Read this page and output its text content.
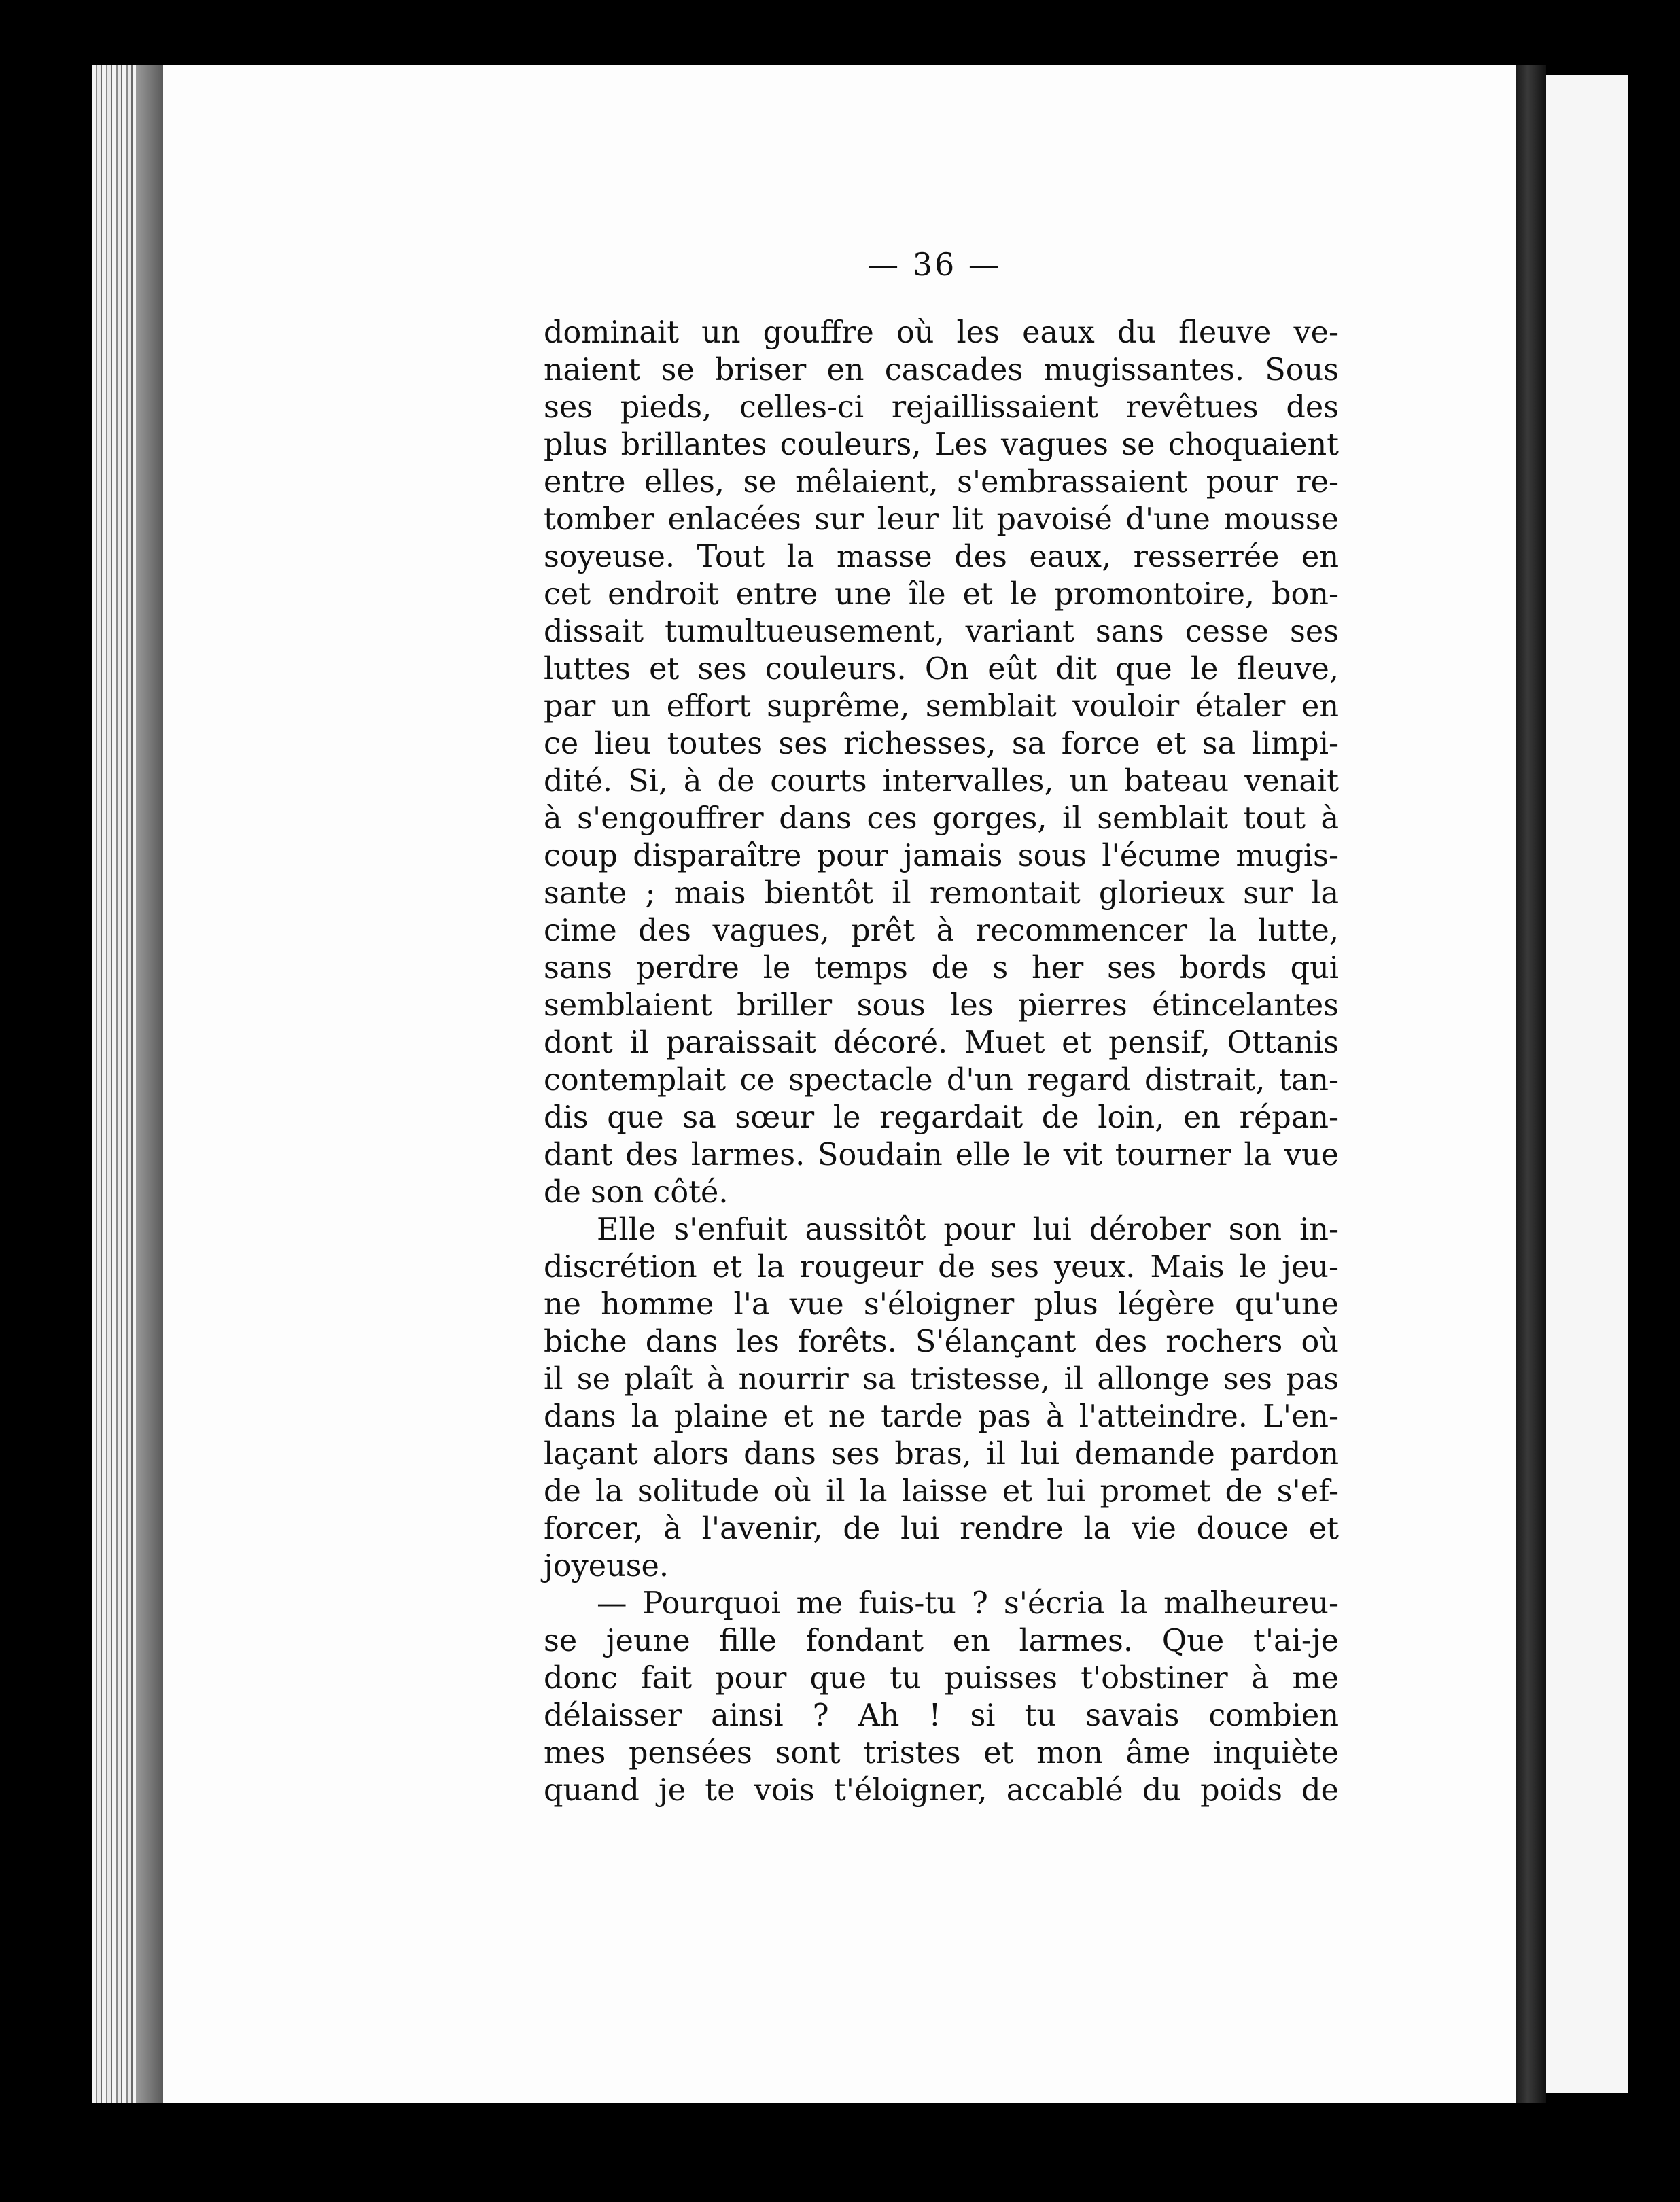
— 36 —
dominait un gouffre où les eaux du fleuve ve-
naient se briser en cascades mugissantes. Sous
ses pieds, celles-ci rejaillissaient revêtues des
plus brillantes couleurs, Les vagues se choquaient
entre elles, se mêlaient, s'embrassaient pour re-
tomber enlacées sur leur lit pavoisé d'une mousse
soyeuse. Tout la masse des eaux, resserrée en
cet endroit entre une île et le promontoire, bon-
dissait tumultueusement, variant sans cesse ses
luttes et ses couleurs. On eût dit que le fleuve,
par un effort suprême, semblait vouloir étaler en
ce lieu toutes ses richesses, sa force et sa limpi-
dité. Si, à de courts intervalles, un bateau venait
à s'engouffrer dans ces gorges, il semblait tout à
coup disparaître pour jamais sous l'écume mugis-
sante ; mais bientôt il remontait glorieux sur la
cime des vagues, prêt à recommencer la lutte,
sans perdre le temps de s her ses bords qui
semblaient briller sous les pierres étincelantes
dont il paraissait décoré. Muet et pensif, Ottanis
contemplait ce spectacle d'un regard distrait, tan-
dis que sa sœur le regardait de loin, en répan-
dant des larmes. Soudain elle le vit tourner la vue
de son côté.
Elle s'enfuit aussitôt pour lui dérober son in-
discrétion et la rougeur de ses yeux. Mais le jeu-
ne homme l'a vue s'éloigner plus légère qu'une
biche dans les forêts. S'élançant des rochers où
il se plaît à nourrir sa tristesse, il allonge ses pas
dans la plaine et ne tarde pas à l'atteindre. L'en-
laçant alors dans ses bras, il lui demande pardon
de la solitude où il la laisse et lui promet de s'ef-
forcer, à l'avenir, de lui rendre la vie douce et
joyeuse.
— Pourquoi me fuis-tu ? s'écria la malheureu-
se jeune fille fondant en larmes. Que t'ai-je
donc fait pour que tu puisses t'obstiner à me
délaisser ainsi ? Ah ! si tu savais combien
mes pensées sont tristes et mon âme inquiète
quand je te vois t'éloigner, accablé du poids de
